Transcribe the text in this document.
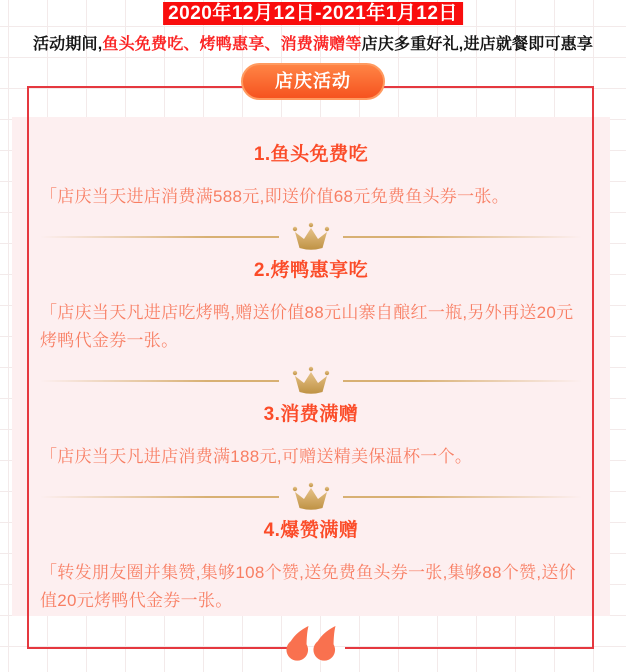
2020年12月12日-2021年1月12日
活动期间,鱼头免费吃、烤鸭惠享、消费满赠等店庆多重好礼,进店就餐即可惠享
店庆活动
1.鱼头免费吃
「店庆当天进店消费满588元,即送价值68元免费鱼头券一张。
2.烤鸭惠享吃
「店庆当天凡进店吃烤鸭,赠送价值88元山寨自酿红一瓶,另外再送20元烤鸭代金券一张。
3.消费满赠
「店庆当天凡进店消费满188元,可赠送精美保温杯一个。
4.爆赞满赠
「转发朋友圈并集赞,集够108个赞,送免费鱼头券一张,集够88个赞,送价值20元烤鸭代金券一张。
